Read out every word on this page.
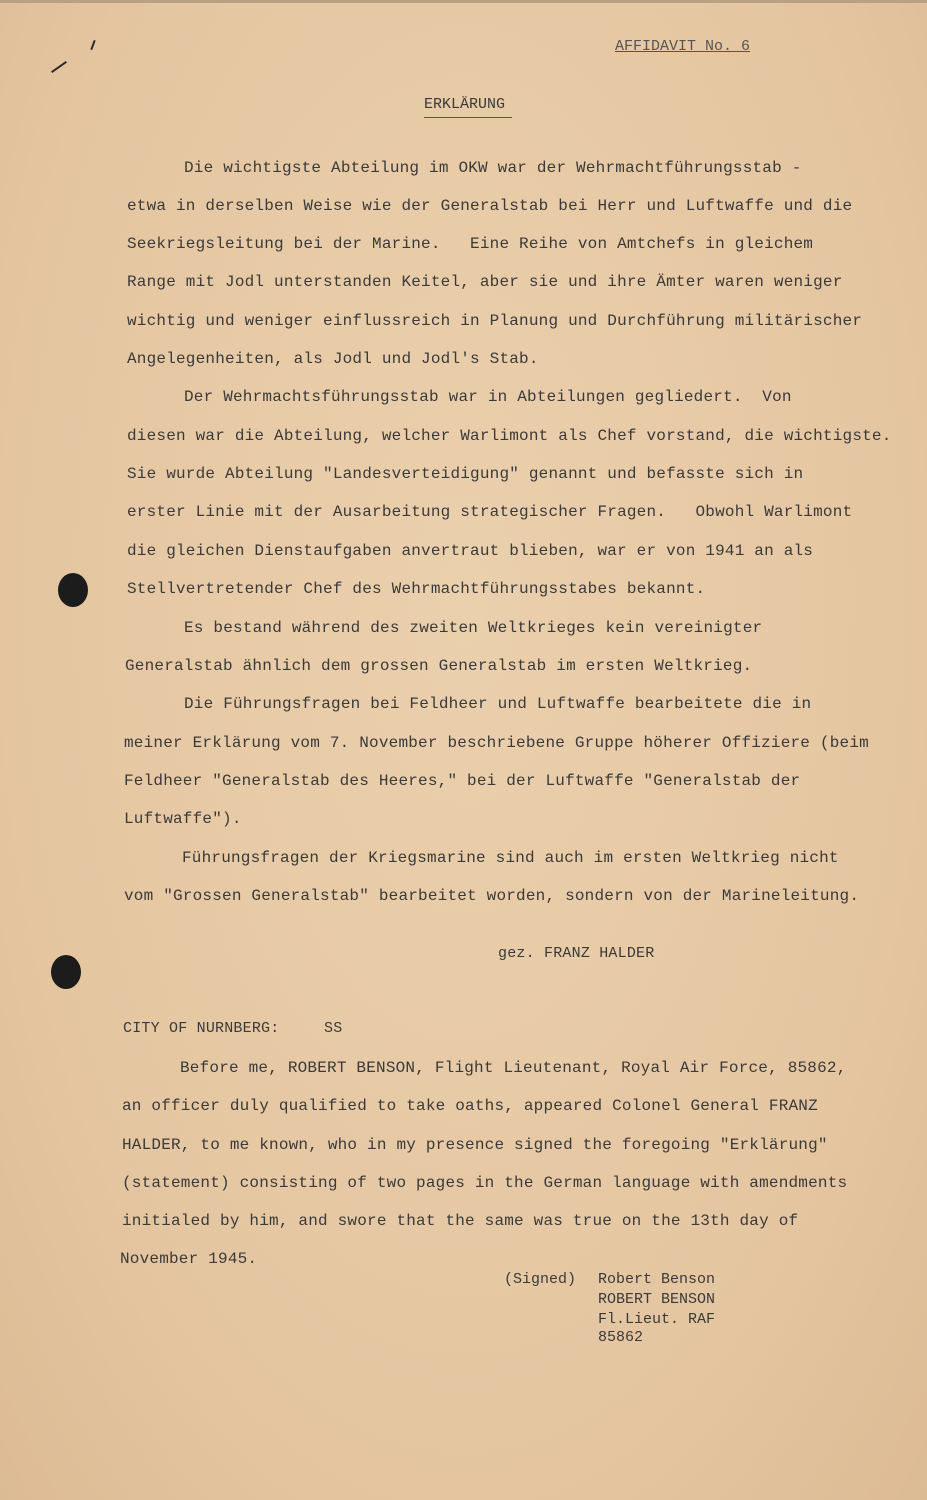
AFFIDAVIT No. 6
ERKLÄRUNG
Die wichtigste Abteilung im OKW war der Wehrmachtführungsstab -
etwa in derselben Weise wie der Generalstab bei Herr und Luftwaffe und die
Seekriegsleitung bei der Marine.   Eine Reihe von Amtchefs in gleichem
Range mit Jodl unterstanden Keitel, aber sie und ihre Ämter waren weniger
wichtig und weniger einflussreich in Planung und Durchführung militärischer
Angelegenheiten, als Jodl und Jodl's Stab.
Der Wehrmachtsführungsstab war in Abteilungen gegliedert.  Von
diesen war die Abteilung, welcher Warlimont als Chef vorstand, die wichtigste.
Sie wurde Abteilung "Landesverteidigung" genannt und befasste sich in
erster Linie mit der Ausarbeitung strategischer Fragen.   Obwohl Warlimont
die gleichen Dienstaufgaben anvertraut blieben, war er von 1941 an als
Stellvertretender Chef des Wehrmachtführungsstabes bekannt.
Es bestand während des zweiten Weltkrieges kein vereinigter
Generalstab ähnlich dem grossen Generalstab im ersten Weltkrieg.
Die Führungsfragen bei Feldheer und Luftwaffe bearbeitete die in
meiner Erklärung vom 7. November beschriebene Gruppe höherer Offiziere (beim
Feldheer "Generalstab des Heeres," bei der Luftwaffe "Generalstab der
Luftwaffe").
Führungsfragen der Kriegsmarine sind auch im ersten Weltkrieg nicht
vom "Grossen Generalstab" bearbeitet worden, sondern von der Marineleitung.
gez. FRANZ HALDER
CITY OF NURNBERG:	SS
Before me, ROBERT BENSON, Flight Lieutenant, Royal Air Force, 85862,
an officer duly qualified to take oaths, appeared Colonel General FRANZ
HALDER, to me known, who in my presence signed the foregoing "Erklärung"
(statement) consisting of two pages in the German language with amendments
initialed by him, and swore that the same was true on the 13th day of
November 1945.
(Signed) Robert Benson
ROBERT BENSON
Fl.Lieut. RAF
85862
